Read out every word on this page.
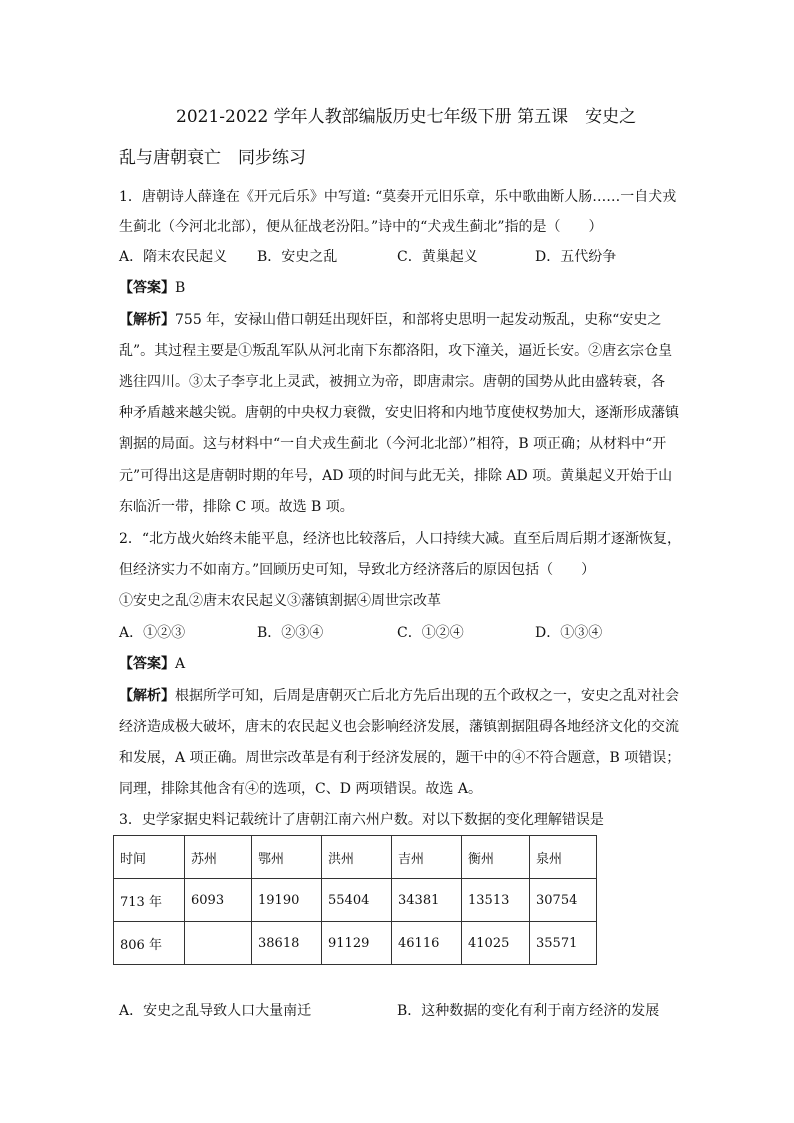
2021-2022 学年人教部编版历史七年级下册 第五课　安史之
乱与唐朝衰亡　同步练习
1．唐朝诗人薛逢在《开元后乐》中写道: “莫奏开元旧乐章，乐中歌曲断人肠……一自犬戎
生蓟北（今河北北部），便从征战老汾阳。”诗中的“犬戎生蓟北”指的是（　　）
A．隋末农民起义 B．安史之乱	C．黄巢起义	D．五代纷争
【答案】B
【解析】755 年，安禄山借口朝廷出现奸臣，和部将史思明一起发动叛乱，史称“安史之
乱”。其过程主要是①叛乱军队从河北南下东都洛阳，攻下潼关，逼近长安。②唐玄宗仓皇
逃往四川。③太子李亨北上灵武，被拥立为帝，即唐肃宗。唐朝的国势从此由盛转衰，各
种矛盾越来越尖锐。唐朝的中央权力衰微，安史旧将和内地节度使权势加大，逐渐形成藩镇
割据的局面。这与材料中“一自犬戎生蓟北（今河北北部）”相符，B 项正确；从材料中“开
元”可得出这是唐朝时期的年号，AD 项的时间与此无关，排除 AD 项。黄巢起义开始于山
东临沂一带，排除 C 项。故选 B 项。
2．“北方战火始终未能平息，经济也比较落后，人口持续大减。直至后周后期才逐渐恢复，
但经济实力不如南方。”回顾历史可知，导致北方经济落后的原因包括（　　）
①安史之乱②唐末农民起义③藩镇割据④周世宗改革
A．①②③	B．②③④	C．①②④	D．①③④
【答案】A
【解析】根据所学可知，后周是唐朝灭亡后北方先后出现的五个政权之一，安史之乱对社会
经济造成极大破坏，唐末的农民起义也会影响经济发展，藩镇割据阻碍各地经济文化的交流
和发展，A 项正确。周世宗改革是有利于经济发展的，题干中的④不符合题意，B 项错误；
同理，排除其他含有④的选项，C、D 两项错误。故选 A。
3．史学家据史料记载统计了唐朝江南六州户数。对以下数据的变化理解错误是
时间	苏州	鄂州	洪州	吉州	衡州	泉州
713 年	6093	19190	55404	34381	13513	30754
806 年		38618	91129	46116	41025	35571
A．安史之乱导致人口大量南迁	B．这种数据的变化有利于南方经济的发展
